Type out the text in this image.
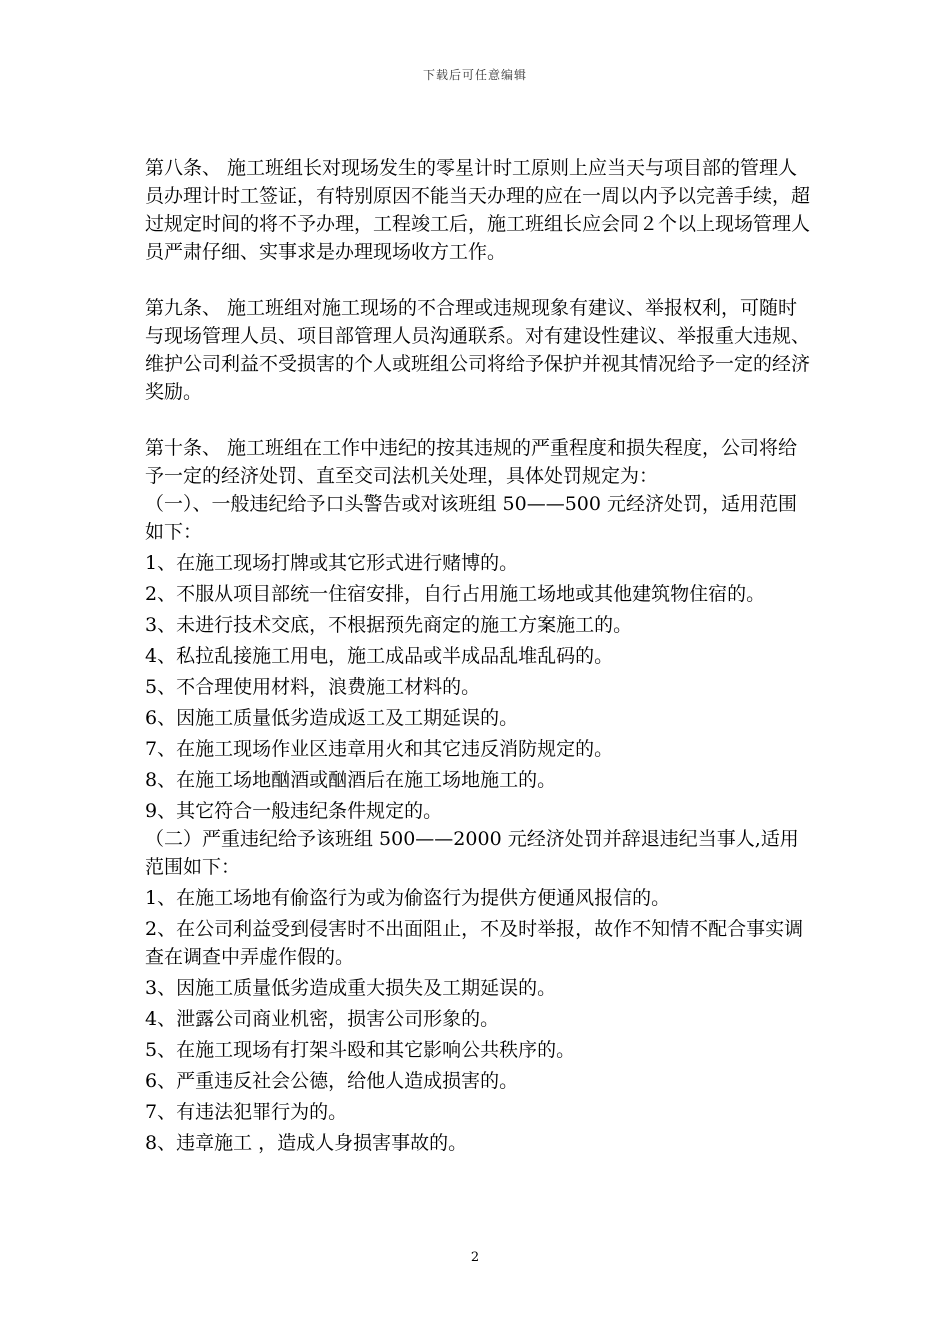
下载后可任意编辑

第八条、 施工班组长对现场发生的零星计时工原则上应当天与项目部的管理人员办理计时工签证，有特别原因不能当天办理的应在一周以内予以完善手续，超过规定时间的将不予办理，工程竣工后，施工班组长应会同２个以上现场管理人员严肃仔细、实事求是办理现场收方工作。

第九条、 施工班组对施工现场的不合理或违规现象有建议、举报权利，可随时与现场管理人员、项目部管理人员沟通联系。对有建设性建议、举报重大违规、维护公司利益不受损害的个人或班组公司将给予保护并视其情况给予一定的经济奖励。

第十条、 施工班组在工作中违纪的按其违规的严重程度和损失程度，公司将给予一定的经济处罚、直至交司法机关处理，具体处罚规定为：

（一）、一般违纪给予口头警告或对该班组 50——500 元经济处罚，适用范围如下：
1、在施工现场打牌或其它形式进行赌博的。
2、不服从项目部统一住宿安排，自行占用施工场地或其他建筑物住宿的。
3、未进行技术交底，不根据预先商定的施工方案施工的。
4、私拉乱接施工用电，施工成品或半成品乱堆乱码的。
5、不合理使用材料，浪费施工材料的。
6、因施工质量低劣造成返工及工期延误的。
7、在施工现场作业区违章用火和其它违反消防规定的。
8、在施工场地酗酒或酗酒后在施工场地施工的。
9、其它符合一般违纪条件规定的。
（二）严重违纪给予该班组 500——2000 元经济处罚并辞退违纪当事人,适用范围如下：
1、在施工场地有偷盗行为或为偷盗行为提供方便通风报信的。
2、在公司利益受到侵害时不出面阻止，不及时举报，故作不知情不配合事实调查在调查中弄虚作假的。
3、因施工质量低劣造成重大损失及工期延误的。
4、泄露公司商业机密，损害公司形象的。
5、在施工现场有打架斗殴和其它影响公共秩序的。
6、严重违反社会公德，给他人造成损害的。
7、有违法犯罪行为的。
8、违章施工 ，造成人身损害事故的。
2
